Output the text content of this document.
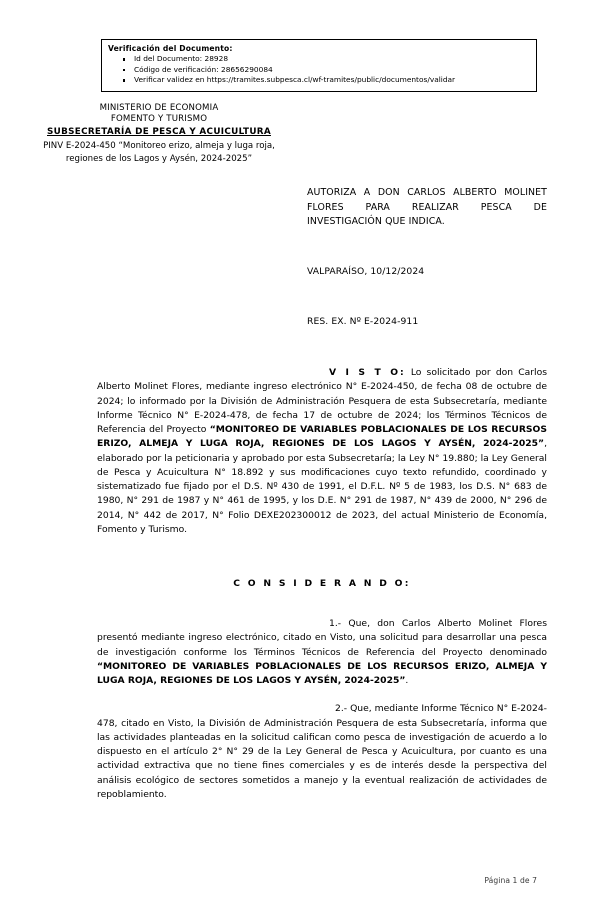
Verificación del Documento:
Id del Documento: 28928
Código de verificación: 28656290084
Verificar validez en https://tramites.subpesca.cl/wf-tramites/public/documentos/validar
MINISTERIO DE ECONOMIA
FOMENTO Y TURISMO
SUBSECRETARÍA DE PESCA Y ACUICULTURA
PINV E-2024-450 “Monitoreo erizo, almeja y luga roja, regiones de los Lagos y Aysén, 2024-2025”
AUTORIZA A DON CARLOS ALBERTO MOLINET FLORES PARA REALIZAR PESCA DE INVESTIGACIÓN QUE INDICA.
VALPARAÍSO, 10/12/2024
RES. EX. Nº E-2024-911

V I S T O: Lo solicitado por don Carlos Alberto Molinet Flores, mediante ingreso electrónico N° E-2024-450, de fecha 08 de octubre de 2024; lo informado por la División de Administración Pesquera de esta Subsecretaría, mediante Informe Técnico N° E-2024-478, de fecha 17 de octubre de 2024; los Términos Técnicos de Referencia del Proyecto “MONITOREO DE VARIABLES POBLACIONALES DE LOS RECURSOS ERIZO, ALMEJA Y LUGA ROJA, REGIONES DE LOS LAGOS Y AYSÉN, 2024-2025”, elaborado por la peticionaria y aprobado por esta Subsecretaría; la Ley N° 19.880; la Ley General de Pesca y Acuicultura N° 18.892 y sus modificaciones cuyo texto refundido, coordinado y sistematizado fue fijado por el D.S. Nº 430 de 1991, el D.F.L. Nº 5 de 1983, los D.S. N° 683 de 1980, N° 291 de 1987 y N° 461 de 1995, y los D.E. N° 291 de 1987, N° 439 de 2000, N° 296 de 2014, N° 442 de 2017, N° Folio DEXE202300012 de 2023, del actual Ministerio de Economía, Fomento y Turismo.

C O N S I D E R A N D O:

1.- Que, don Carlos Alberto Molinet Flores presentó mediante ingreso electrónico, citado en Visto, una solicitud para desarrollar una pesca de investigación conforme los Términos Técnicos de Referencia del Proyecto denominado “MONITOREO DE VARIABLES POBLACIONALES DE LOS RECURSOS ERIZO, ALMEJA Y LUGA ROJA, REGIONES DE LOS LAGOS Y AYSÉN, 2024-2025”.

2.- Que, mediante Informe Técnico N° E-2024-478, citado en Visto, la División de Administración Pesquera de esta Subsecretaría, informa que las actividades planteadas en la solicitud califican como pesca de investigación de acuerdo a lo dispuesto en el artículo 2° N° 29 de la Ley General de Pesca y Acuicultura, por cuanto es una actividad extractiva que no tiene fines comerciales y es de interés desde la perspectiva del análisis ecológico de sectores sometidos a manejo y la eventual realización de actividades de repoblamiento.

Página 1 de 7
